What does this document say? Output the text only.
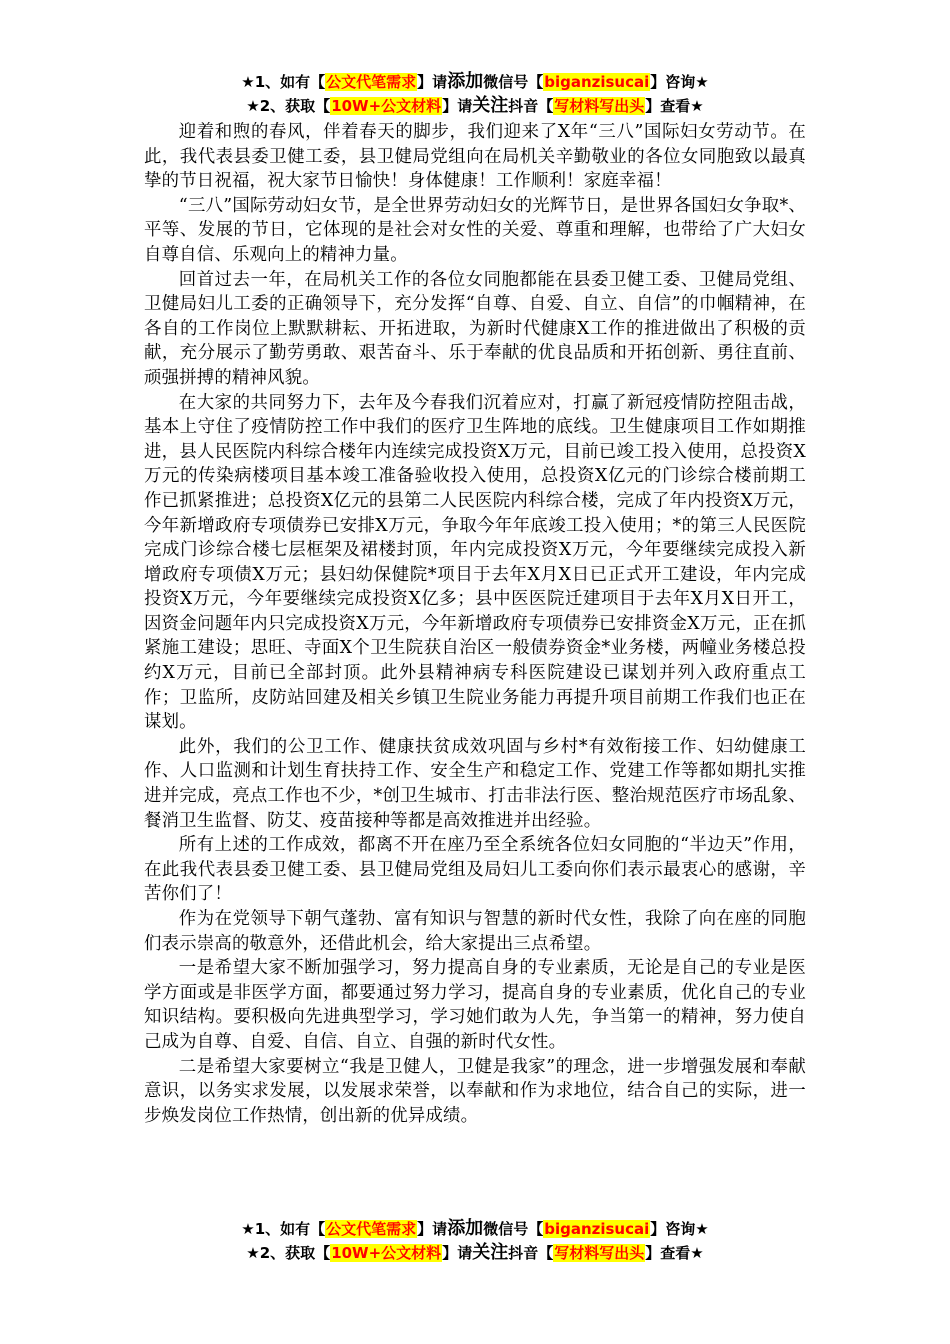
★1、如有【公文代笔需求】请添加微信号【biganzisucai】咨询★
★2、获取【10W+公文材料】请关注抖音【写材料写出头】查看★

迎着和煦的春风，伴着春天的脚步，我们迎来了X年“三八”国际妇女劳动节。在此，我代表县委卫健工委，县卫健局党组向在局机关辛勤敬业的各位女同胞致以最真挚的节日祝福，祝大家节日愉快！身体健康！工作顺利！家庭幸福！

“三八”国际劳动妇女节，是全世界劳动妇女的光辉节日，是世界各国妇女争取*、平等、发展的节日，它体现的是社会对女性的关爱、尊重和理解，也带给了广大妇女自尊自信、乐观向上的精神力量。

回首过去一年，在局机关工作的各位女同胞都能在县委卫健工委、卫健局党组、卫健局妇儿工委的正确领导下，充分发挥“自尊、自爱、自立、自信”的巾帼精神，在各自的工作岗位上默默耕耘、开拓进取，为新时代健康X工作的推进做出了积极的贡献，充分展示了勤劳勇敢、艰苦奋斗、乐于奉献的优良品质和开拓创新、勇往直前、顽强拼搏的精神风貌。

在大家的共同努力下，去年及今春我们沉着应对，打赢了新冠疫情防控阻击战，基本上守住了疫情防控工作中我们的医疗卫生阵地的底线。卫生健康项目工作如期推进，县人民医院内科综合楼年内连续完成投资X万元，目前已竣工投入使用，总投资X万元的传染病楼项目基本竣工准备验收投入使用，总投资X亿元的门诊综合楼前期工作已抓紧推进；总投资X亿元的县第二人民医院内科综合楼，完成了年内投资X万元，今年新增政府专项债券已安排X万元，争取今年年底竣工投入使用；*的第三人民医院完成门诊综合楼七层框架及裙楼封顶，年内完成投资X万元，今年要继续完成投入新增政府专项债X万元；县妇幼保健院*项目于去年X月X日已正式开工建设，年内完成投资X万元，今年要继续完成投资X亿多；县中医医院迁建项目于去年X月X日开工，因资金问题年内只完成投资X万元，今年新增政府专项债券已安排资金X万元，正在抓紧施工建设；思旺、寺面X个卫生院获自治区一般债券资金*业务楼，两幢业务楼总投约X万元，目前已全部封顶。此外县精神病专科医院建设已谋划并列入政府重点工作；卫监所，皮防站回建及相关乡镇卫生院业务能力再提升项目前期工作我们也正在谋划。

此外，我们的公卫工作、健康扶贫成效巩固与乡村*有效衔接工作、妇幼健康工作、人口监测和计划生育扶持工作、安全生产和稳定工作、党建工作等都如期扎实推进并完成，亮点工作也不少，*创卫生城市、打击非法行医、整治规范医疗市场乱象、餐消卫生监督、防艾、疫苗接种等都是高效推进并出经验。

所有上述的工作成效，都离不开在座乃至全系统各位妇女同胞的“半边天”作用，在此我代表县委卫健工委、县卫健局党组及局妇儿工委向你们表示最衷心的感谢，辛苦你们了！

作为在党领导下朝气蓬勃、富有知识与智慧的新时代女性，我除了向在座的同胞们表示崇高的敬意外，还借此机会，给大家提出三点希望。

一是希望大家不断加强学习，努力提高自身的专业素质，无论是自己的专业是医学方面或是非医学方面，都要通过努力学习，提高自身的专业素质，优化自己的专业知识结构。要积极向先进典型学习，学习她们敢为人先，争当第一的精神，努力使自己成为自尊、自爱、自信、自立、自强的新时代女性。

二是希望大家要树立“我是卫健人，卫健是我家”的理念，进一步增强发展和奉献意识，以务实求发展，以发展求荣誉，以奉献和作为求地位，结合自己的实际，进一步焕发岗位工作热情，创出新的优异成绩。

★1、如有【公文代笔需求】请添加微信号【biganzisucai】咨询★
★2、获取【10W+公文材料】请关注抖音【写材料写出头】查看★
